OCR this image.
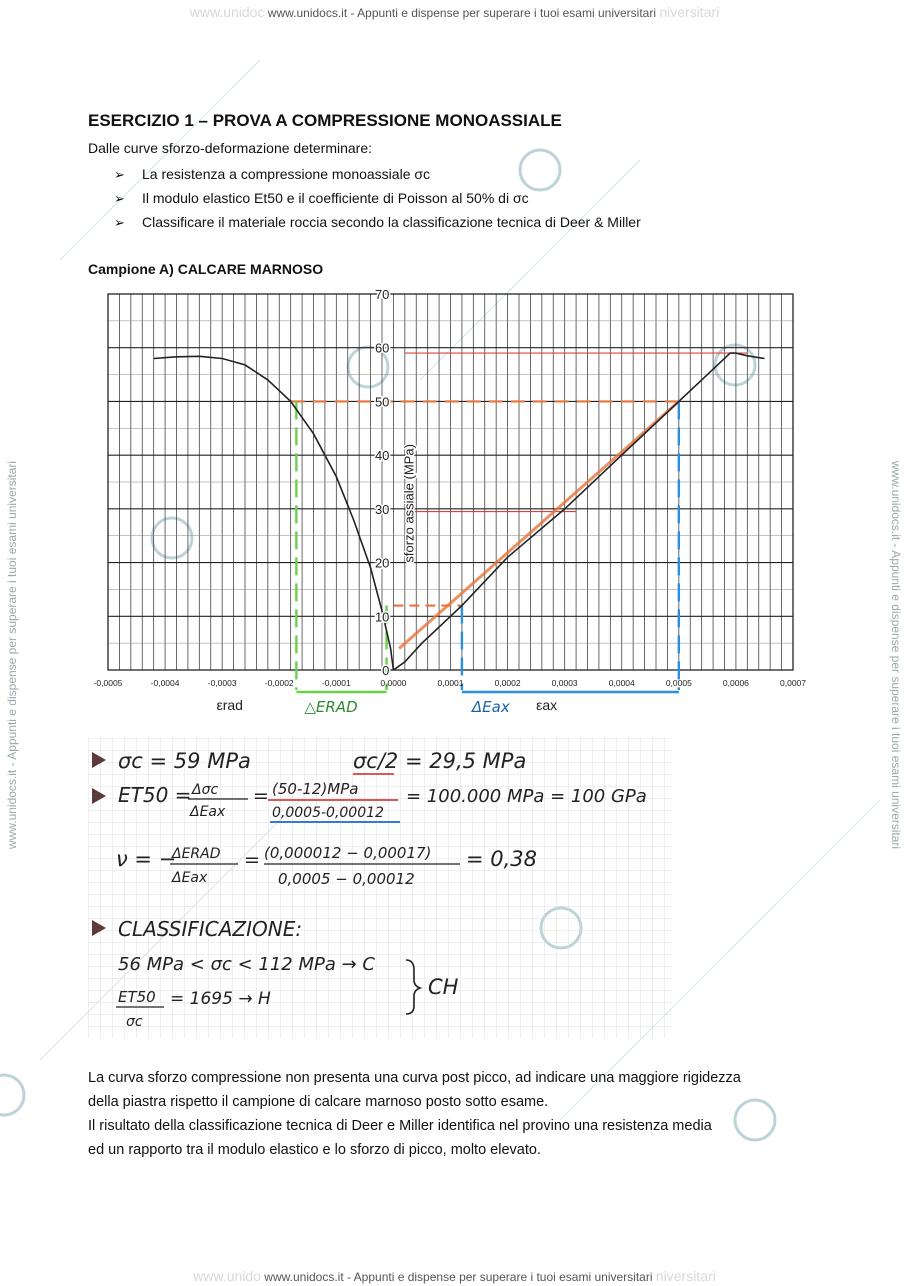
www.unidoc www.unidocs.it - Appunti e dispense per superare i tuoi esami universitari niversitari
www.unidocs.it - Appunti e dispense per superare i tuoi esami universitari	www.unidocs.it - Appunti e dispense per superare i tuoi esami universitari
ESERCIZIO 1 – PROVA A COMPRESSIONE MONOASSIALE
Dalle curve sforzo-deformazione determinare:
➢ La resistenza a compressione monoassiale σc
➢ Il modulo elastico Et50 e il coefficiente di Poisson al 50% di σc
➢ Classificare il materiale roccia secondo la classificazione tecnica di Deer & Miller
Campione A) CALCARE MARNOSO
-0,0005	-0,0004	-0,0003	-0,0002	-0,0001	0,0000	0,0001	0,0002	0,0003	0,0004	0,0005	0,0006	0,0007
0
10
20
30
40
50
60
70
sforzo assiale (MPa)
εrad	εax
△ERAD	ΔEax
σc = 59 MPa	σc/2 = 29,5 MPa
ET50 = Δσc
ΔEax
= (50-12)MPa
0,0005-0,00012
= 100.000 MPa = 100 GPa
ν = −
ΔERAD
ΔEax
= (0,000012 − 0,00017)
0,0005 − 0,00012
= 0,38
CLASSIFICAZIONE:
56 MPa < σc < 112 MPa → C
ET50
σc
= 1695 → H	CH

La curva sforzo compressione non presenta una curva post picco, ad indicare una maggiore rigidezza

della piastra rispetto il campione di calcare marnoso posto sotto esame.

Il risultato della classificazione tecnica di Deer e Miller identifica nel provino una resistenza media

ed un rapporto tra il modulo elastico e lo sforzo di picco, molto elevato.

www.unido www.unidocs.it - Appunti e dispense per superare i tuoi esami universitari niversitari
